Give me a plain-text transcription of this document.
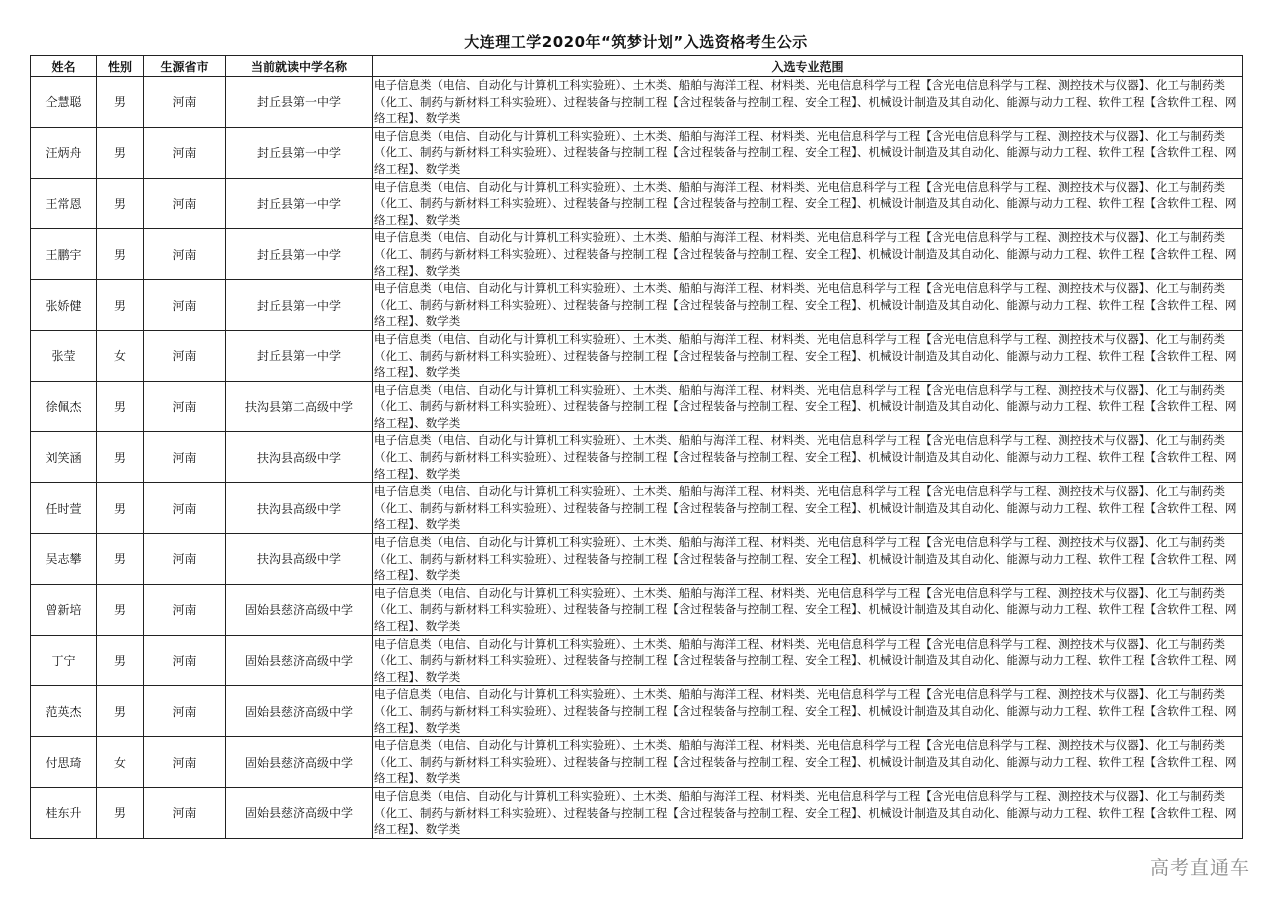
大连理工学2020年“筑梦计划”入选资格考生公示
姓名	性别	生源省市	当前就读中学名称	入选专业范围
仝慧聪	男	河南	封丘县第一中学	电子信息类（电信、自动化与计算机工科实验班）、土木类、船舶与海洋工程、材料类、光电信息科学与工程【含光电信息科学与工程、测控技术与仪器】、化工与制药类（化工、制药与新材料工科实验班）、过程装备与控制工程【含过程装备与控制工程、安全工程】、机械设计制造及其自动化、能源与动力工程、软件工程【含软件工程、网络工程】、数学类
汪炳舟	男	河南	封丘县第一中学	电子信息类（电信、自动化与计算机工科实验班）、土木类、船舶与海洋工程、材料类、光电信息科学与工程【含光电信息科学与工程、测控技术与仪器】、化工与制药类（化工、制药与新材料工科实验班）、过程装备与控制工程【含过程装备与控制工程、安全工程】、机械设计制造及其自动化、能源与动力工程、软件工程【含软件工程、网络工程】、数学类
王常恩	男	河南	封丘县第一中学	电子信息类（电信、自动化与计算机工科实验班）、土木类、船舶与海洋工程、材料类、光电信息科学与工程【含光电信息科学与工程、测控技术与仪器】、化工与制药类（化工、制药与新材料工科实验班）、过程装备与控制工程【含过程装备与控制工程、安全工程】、机械设计制造及其自动化、能源与动力工程、软件工程【含软件工程、网络工程】、数学类
王鹏宇	男	河南	封丘县第一中学	电子信息类（电信、自动化与计算机工科实验班）、土木类、船舶与海洋工程、材料类、光电信息科学与工程【含光电信息科学与工程、测控技术与仪器】、化工与制药类（化工、制药与新材料工科实验班）、过程装备与控制工程【含过程装备与控制工程、安全工程】、机械设计制造及其自动化、能源与动力工程、软件工程【含软件工程、网络工程】、数学类
张娇健	男	河南	封丘县第一中学	电子信息类（电信、自动化与计算机工科实验班）、土木类、船舶与海洋工程、材料类、光电信息科学与工程【含光电信息科学与工程、测控技术与仪器】、化工与制药类（化工、制药与新材料工科实验班）、过程装备与控制工程【含过程装备与控制工程、安全工程】、机械设计制造及其自动化、能源与动力工程、软件工程【含软件工程、网络工程】、数学类
张莹	女	河南	封丘县第一中学	电子信息类（电信、自动化与计算机工科实验班）、土木类、船舶与海洋工程、材料类、光电信息科学与工程【含光电信息科学与工程、测控技术与仪器】、化工与制药类（化工、制药与新材料工科实验班）、过程装备与控制工程【含过程装备与控制工程、安全工程】、机械设计制造及其自动化、能源与动力工程、软件工程【含软件工程、网络工程】、数学类
徐佩杰	男	河南	扶沟县第二高级中学	电子信息类（电信、自动化与计算机工科实验班）、土木类、船舶与海洋工程、材料类、光电信息科学与工程【含光电信息科学与工程、测控技术与仪器】、化工与制药类（化工、制药与新材料工科实验班）、过程装备与控制工程【含过程装备与控制工程、安全工程】、机械设计制造及其自动化、能源与动力工程、软件工程【含软件工程、网络工程】、数学类
刘笑涵	男	河南	扶沟县高级中学	电子信息类（电信、自动化与计算机工科实验班）、土木类、船舶与海洋工程、材料类、光电信息科学与工程【含光电信息科学与工程、测控技术与仪器】、化工与制药类（化工、制药与新材料工科实验班）、过程装备与控制工程【含过程装备与控制工程、安全工程】、机械设计制造及其自动化、能源与动力工程、软件工程【含软件工程、网络工程】、数学类
任时萱	男	河南	扶沟县高级中学	电子信息类（电信、自动化与计算机工科实验班）、土木类、船舶与海洋工程、材料类、光电信息科学与工程【含光电信息科学与工程、测控技术与仪器】、化工与制药类（化工、制药与新材料工科实验班）、过程装备与控制工程【含过程装备与控制工程、安全工程】、机械设计制造及其自动化、能源与动力工程、软件工程【含软件工程、网络工程】、数学类
吴志攀	男	河南	扶沟县高级中学	电子信息类（电信、自动化与计算机工科实验班）、土木类、船舶与海洋工程、材料类、光电信息科学与工程【含光电信息科学与工程、测控技术与仪器】、化工与制药类（化工、制药与新材料工科实验班）、过程装备与控制工程【含过程装备与控制工程、安全工程】、机械设计制造及其自动化、能源与动力工程、软件工程【含软件工程、网络工程】、数学类
曾新培	男	河南	固始县慈济高级中学	电子信息类（电信、自动化与计算机工科实验班）、土木类、船舶与海洋工程、材料类、光电信息科学与工程【含光电信息科学与工程、测控技术与仪器】、化工与制药类（化工、制药与新材料工科实验班）、过程装备与控制工程【含过程装备与控制工程、安全工程】、机械设计制造及其自动化、能源与动力工程、软件工程【含软件工程、网络工程】、数学类
丁宁	男	河南	固始县慈济高级中学	电子信息类（电信、自动化与计算机工科实验班）、土木类、船舶与海洋工程、材料类、光电信息科学与工程【含光电信息科学与工程、测控技术与仪器】、化工与制药类（化工、制药与新材料工科实验班）、过程装备与控制工程【含过程装备与控制工程、安全工程】、机械设计制造及其自动化、能源与动力工程、软件工程【含软件工程、网络工程】、数学类
范英杰	男	河南	固始县慈济高级中学	电子信息类（电信、自动化与计算机工科实验班）、土木类、船舶与海洋工程、材料类、光电信息科学与工程【含光电信息科学与工程、测控技术与仪器】、化工与制药类（化工、制药与新材料工科实验班）、过程装备与控制工程【含过程装备与控制工程、安全工程】、机械设计制造及其自动化、能源与动力工程、软件工程【含软件工程、网络工程】、数学类
付思琦	女	河南	固始县慈济高级中学	电子信息类（电信、自动化与计算机工科实验班）、土木类、船舶与海洋工程、材料类、光电信息科学与工程【含光电信息科学与工程、测控技术与仪器】、化工与制药类（化工、制药与新材料工科实验班）、过程装备与控制工程【含过程装备与控制工程、安全工程】、机械设计制造及其自动化、能源与动力工程、软件工程【含软件工程、网络工程】、数学类
桂东升	男	河南	固始县慈济高级中学	电子信息类（电信、自动化与计算机工科实验班）、土木类、船舶与海洋工程、材料类、光电信息科学与工程【含光电信息科学与工程、测控技术与仪器】、化工与制药类（化工、制药与新材料工科实验班）、过程装备与控制工程【含过程装备与控制工程、安全工程】、机械设计制造及其自动化、能源与动力工程、软件工程【含软件工程、网络工程】、数学类
高考直通车
